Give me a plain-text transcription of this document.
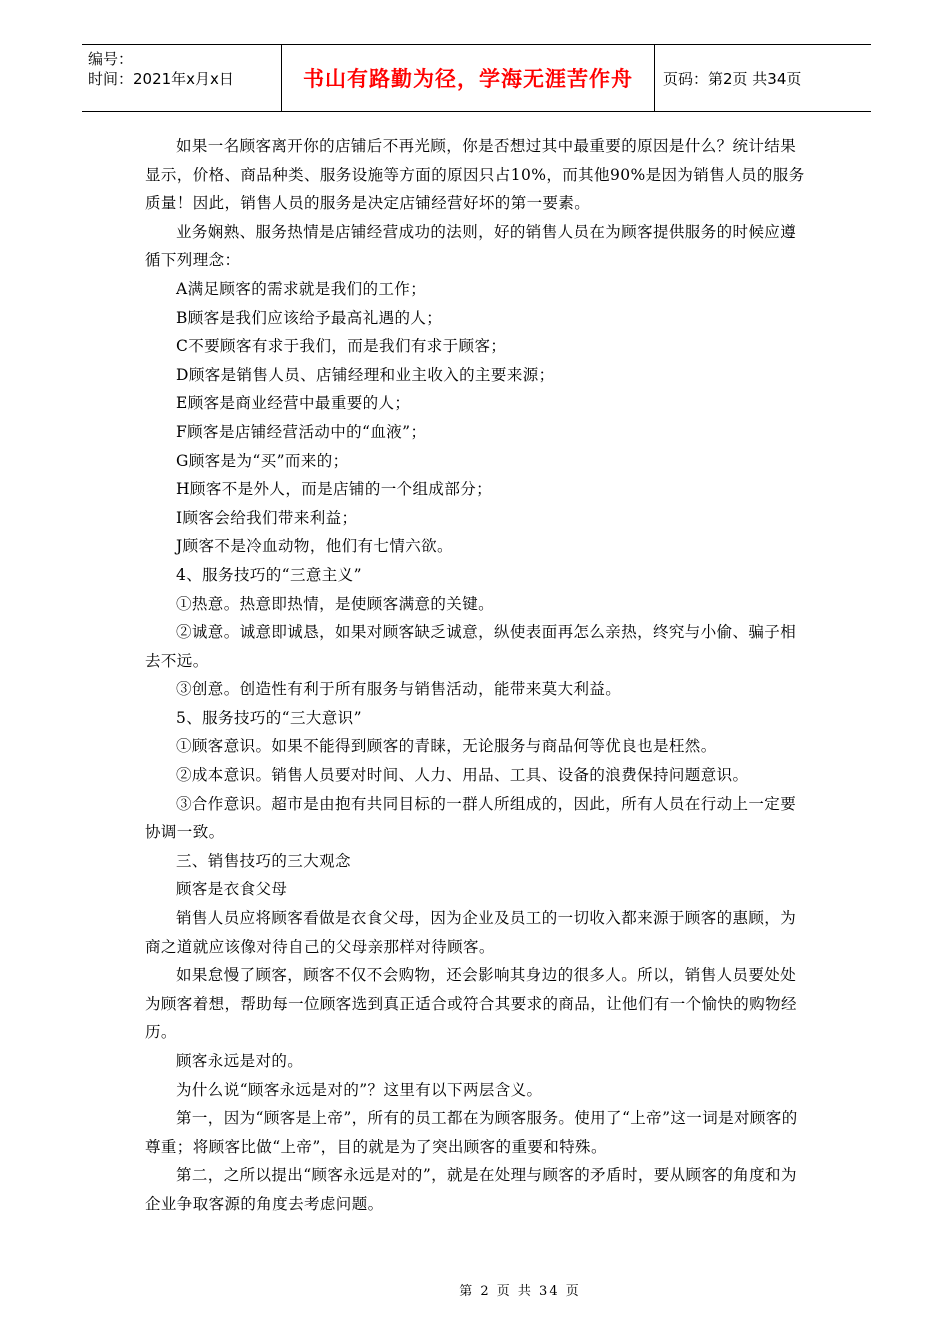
编号：
时间：2021年x月x日	书山有路勤为径，学海无涯苦作舟	页码：第2页 共34页

如果一名顾客离开你的店铺后不再光顾，你是否想过其中最重要的原因是什么？统计结果显示，价格、商品种类、服务设施等方面的原因只占10%，而其他90%是因为销售人员的服务质量！因此，销售人员的服务是决定店铺经营好坏的第一要素。

业务娴熟、服务热情是店铺经营成功的法则，好的销售人员在为顾客提供服务的时候应遵循下列理念：

A满足顾客的需求就是我们的工作；

B顾客是我们应该给予最高礼遇的人；

C不要顾客有求于我们，而是我们有求于顾客；

D顾客是销售人员、店铺经理和业主收入的主要来源；

E顾客是商业经营中最重要的人；

F顾客是店铺经营活动中的“血液”；

G顾客是为“买”而来的；

H顾客不是外人，而是店铺的一个组成部分；

I顾客会给我们带来利益；

J顾客不是冷血动物，他们有七情六欲。

4、服务技巧的“三意主义”

①热意。热意即热情，是使顾客满意的关键。

②诚意。诚意即诚恳，如果对顾客缺乏诚意，纵使表面再怎么亲热，终究与小偷、骗子相去不远。

③创意。创造性有利于所有服务与销售活动，能带来莫大利益。

5、服务技巧的“三大意识”

①顾客意识。如果不能得到顾客的青睐，无论服务与商品何等优良也是枉然。

②成本意识。销售人员要对时间、人力、用品、工具、设备的浪费保持问题意识。

③合作意识。超市是由抱有共同目标的一群人所组成的，因此，所有人员在行动上一定要协调一致。

三、销售技巧的三大观念

顾客是衣食父母

销售人员应将顾客看做是衣食父母，因为企业及员工的一切收入都来源于顾客的惠顾，为商之道就应该像对待自己的父母亲那样对待顾客。

如果怠慢了顾客，顾客不仅不会购物，还会影响其身边的很多人。所以，销售人员要处处为顾客着想，帮助每一位顾客选到真正适合或符合其要求的商品，让他们有一个愉快的购物经历。

顾客永远是对的。

为什么说“顾客永远是对的”？这里有以下两层含义。

第一，因为“顾客是上帝”，所有的员工都在为顾客服务。使用了“上帝”这一词是对顾客的尊重；将顾客比做“上帝”，目的就是为了突出顾客的重要和特殊。

第二，之所以提出“顾客永远是对的”，就是在处理与顾客的矛盾时，要从顾客的角度和为企业争取客源的角度去考虑问题。

第 2 页 共 34 页
